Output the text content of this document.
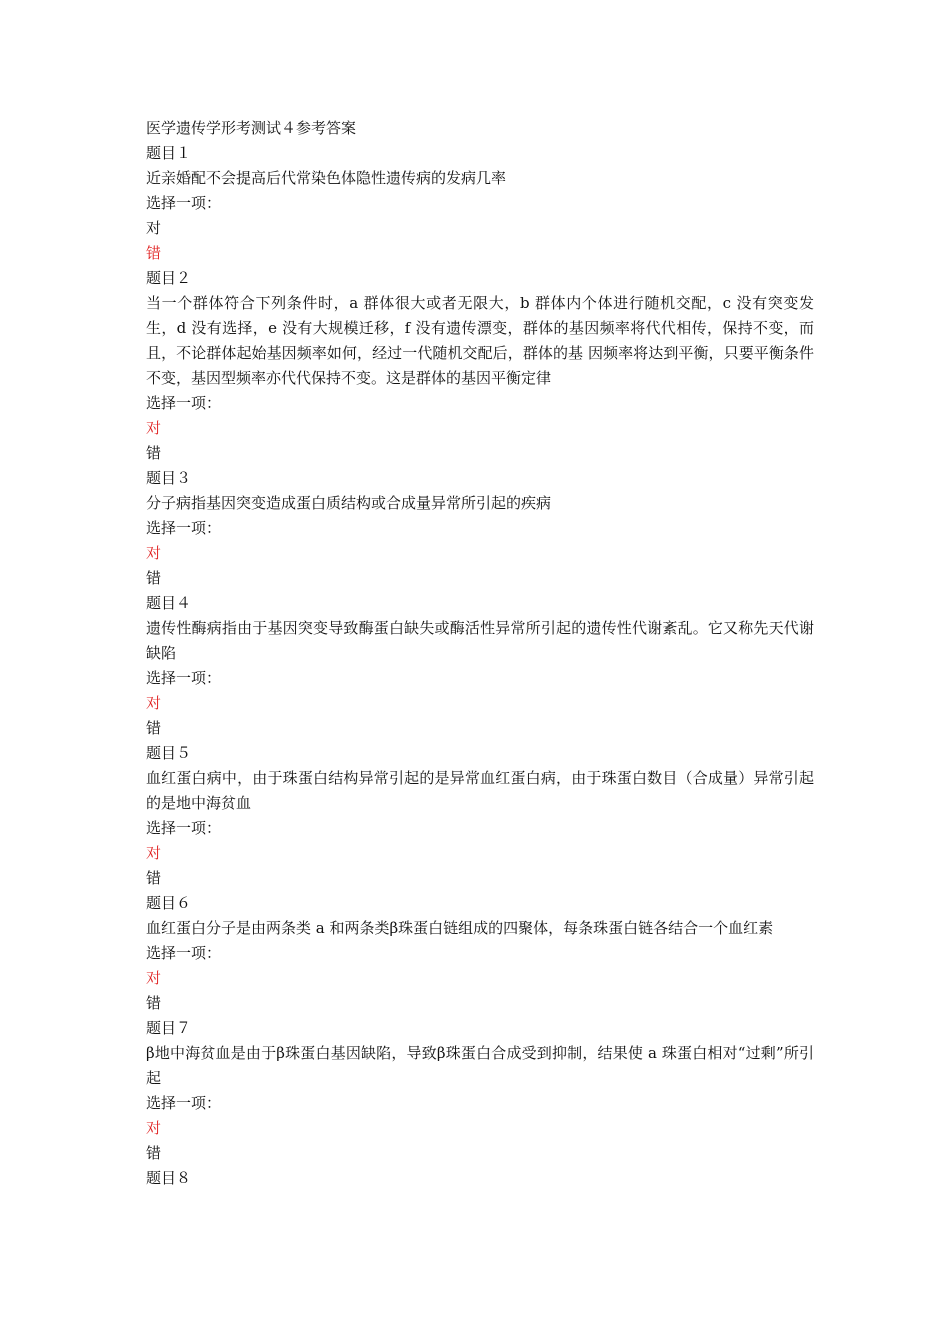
医学遗传学形考测试４参考答案
题目１
近亲婚配不会提高后代常染色体隐性遗传病的发病几率
选择一项：
对
错
题目２
当一个群体符合下列条件时，a 群体很大或者无限大，b 群体内个体进行随机交配，c 没有突变发生，d 没有选择，e 没有大规模迁移，f 没有遗传漂变，群体的基因频率将代代相传，保持不变，而且，不论群体起始基因频率如何，经过一代随机交配后，群体的基 因频率将达到平衡，只要平衡条件不变，基因型频率亦代代保持不变。这是群体的基因平衡定律
选择一项：
对
错
题目３
分子病指基因突变造成蛋白质结构或合成量异常所引起的疾病
选择一项：
对
错
题目４
遗传性酶病指由于基因突变导致酶蛋白缺失或酶活性异常所引起的遗传性代谢紊乱。它又称先天代谢缺陷
选择一项：
对
错
题目５
血红蛋白病中，由于珠蛋白结构异常引起的是异常血红蛋白病，由于珠蛋白数目（合成量）异常引起的是地中海贫血
选择一项：
对
错
题目６
血红蛋白分子是由两条类 a 和两条类β珠蛋白链组成的四聚体，每条珠蛋白链各结合一个血红素
选择一项：
对
错
题目７
β地中海贫血是由于β珠蛋白基因缺陷，导致β珠蛋白合成受到抑制，结果使 a 珠蛋白相对“过剩”所引起
选择一项：
对
错
题目８
